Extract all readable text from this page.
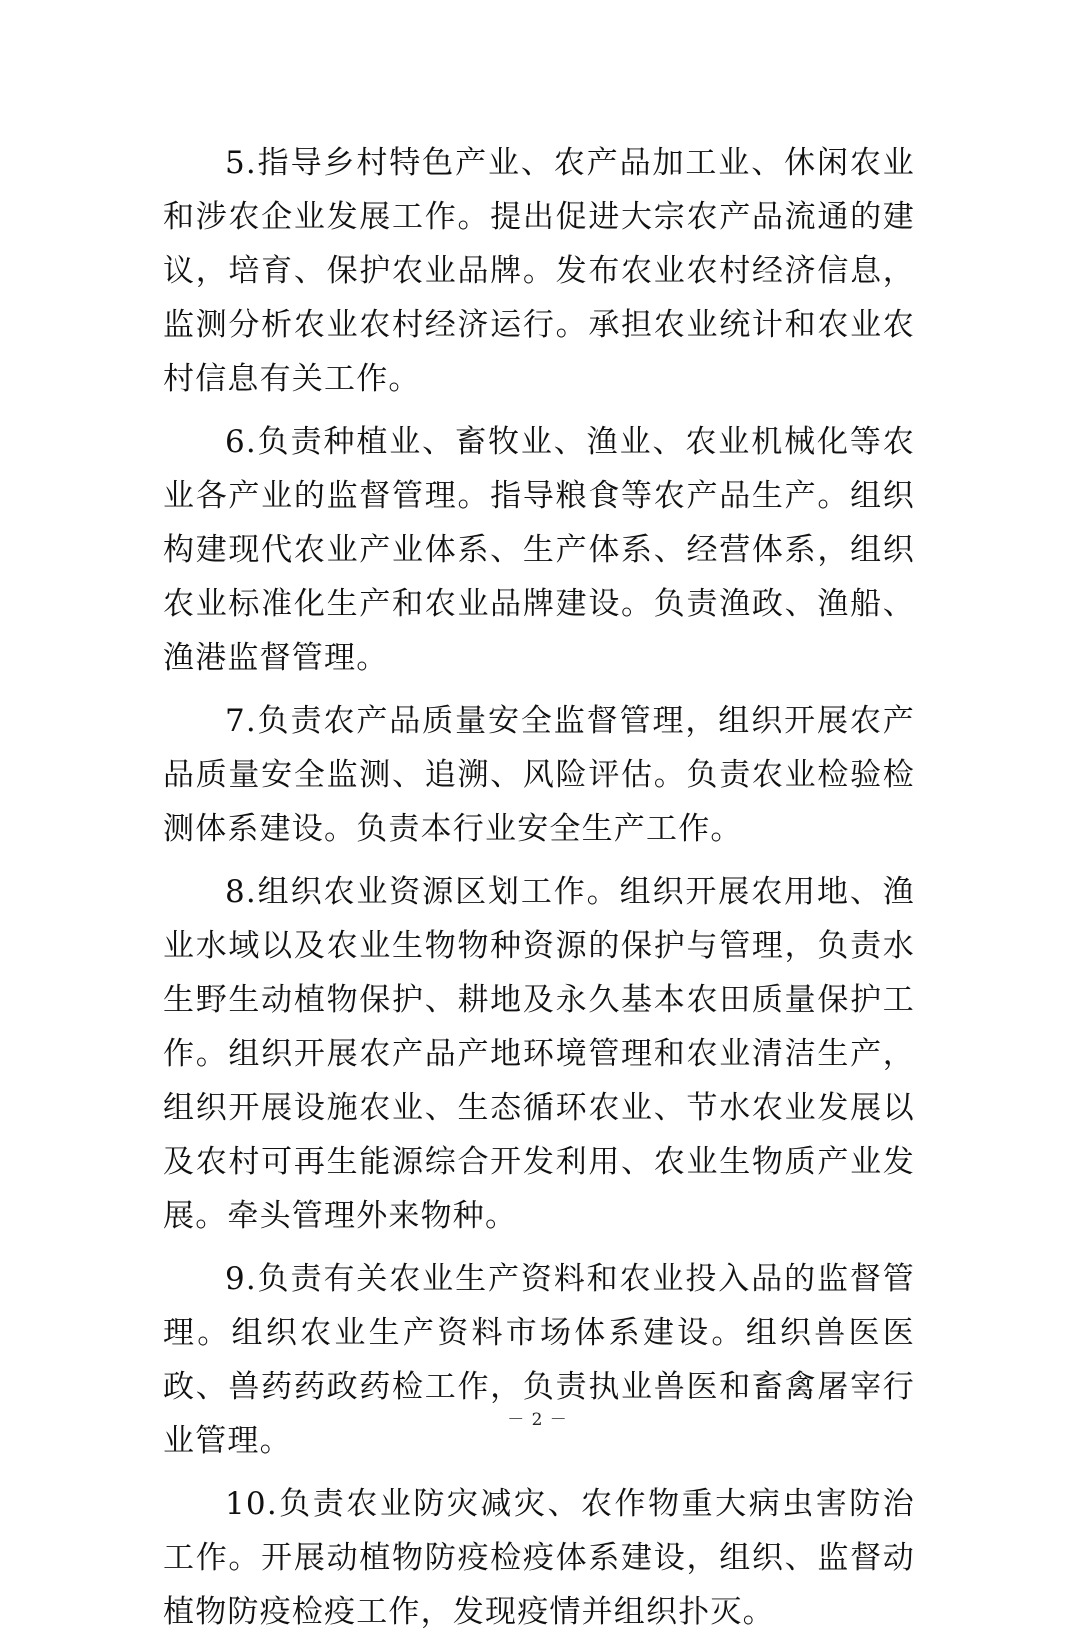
5.指导乡村特色产业、农产品加工业、休闲农业和涉农企业发展工作。提出促进大宗农产品流通的建议，培育、保护农业品牌。发布农业农村经济信息，监测分析农业农村经济运行。承担农业统计和农业农村信息有关工作。

6.负责种植业、畜牧业、渔业、农业机械化等农业各产业的监督管理。指导粮食等农产品生产。组织构建现代农业产业体系、生产体系、经营体系，组织农业标准化生产和农业品牌建设。负责渔政、渔船、渔港监督管理。

7.负责农产品质量安全监督管理，组织开展农产品质量安全监测、追溯、风险评估。负责农业检验检测体系建设。负责本行业安全生产工作。

8.组织农业资源区划工作。组织开展农用地、渔业水域以及农业生物物种资源的保护与管理，负责水生野生动植物保护、耕地及永久基本农田质量保护工作。组织开展农产品产地环境管理和农业清洁生产，组织开展设施农业、生态循环农业、节水农业发展以及农村可再生能源综合开发利用、农业生物质产业发展。牵头管理外来物种。

9.负责有关农业生产资料和农业投入品的监督管理。组织农业生产资料市场体系建设。组织兽医医政、兽药药政药检工作，负责执业兽医和畜禽屠宰行业管理。

10.负责农业防灾减灾、农作物重大病虫害防治工作。开展动植物防疫检疫体系建设，组织、监督动植物防疫检疫工作，发现疫情并组织扑灭。

－ 2 －
